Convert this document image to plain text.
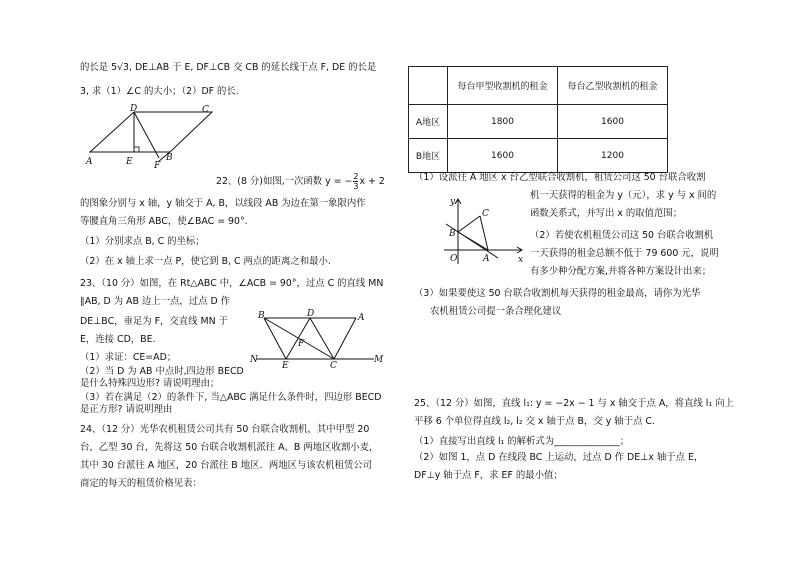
的长是 5√3, DE⊥AB 于 E, DF⊥CB 交 CB 的延长线于点 F, DE 的长是
3, 求（1）∠C 的大小；（2）DF 的长.
D	C
A	E F
B
22、(8 分)如图,一次函数 y = − $\frac{2}{3}$ x + 2
的图象分别与 x 轴，y 轴交于 A, B，以线段 AB 为边在第一象限内作
等腰直角三角形 ABC，使∠BAC = 90°.
（1）分别求点 B, C 的坐标；
（2）在 x 轴上求一点 P，使它到 B, C 两点的距离之和最小.
23、（10 分）如图，在 Rt△ABC 中，∠ACB = 90°，过点 C 的直线 MN
∥AB, D 为 AB 边上一点，过点 D 作
DE⊥BC，垂足为 F，交直线 MN 于
E，连接 CD，BE.
（1）求证：CE=AD；
（2）当 D 为 AB 中点时,四边形 BECD
是什么特殊四边形? 请说明理由；
（3）若在满足（2）的条件下, 当△ABC 满足什么条件时，四边形 BECD
是正方形? 请说明理由
B	D	A
F
N
E	C
M
24、（12 分）光华农机租赁公司共有 50 台联合收割机，其中甲型 20
台，乙型 30 台，先将这 50 台联合收割机派往 A、B 两地区收割小麦，
其中 30 台派往 A 地区，20 台派往 B 地区．两地区与该农机租赁公司
商定的每天的租赁价格见表：
	每台甲型收割机的租金	每台乙型收割机的租金
A地区	1800	1600
B地区	1600	1200
（1）设派往 A 地区 x 台乙型联合收割机，租赁公司这 50 台联合收割
机一天获得的租金为 y（元），求 y 与 x 间的
函数关系式，并写出 x 的取值范围；
（2）若使农机租赁公司这 50 台联合收割机
一天获得的租金总额不低于 79 600 元，说明
有多少种分配方案,并将各种方案设计出来；
y
x
C
B
O	A
（3）如果要使这 50 台联合收割机每天获得的租金最高，请你为光华
农机租赁公司提一条合理化建议
25、（12 分）如图，直线 l₁: y = −2x − 1 与 x 轴交于点 A，将直线 l₁ 向上
平移 6 个单位得直线 l₂, l₂ 交 x 轴于点 B，交 y 轴于点 C.
（1）直接写出直线 l₁ 的解析式为______________；
（2）如图 1，点 D 在线段 BC 上运动，过点 D 作 DE⊥x 轴于点 E，
DF⊥y 轴于点 F，求 EF 的最小值；
